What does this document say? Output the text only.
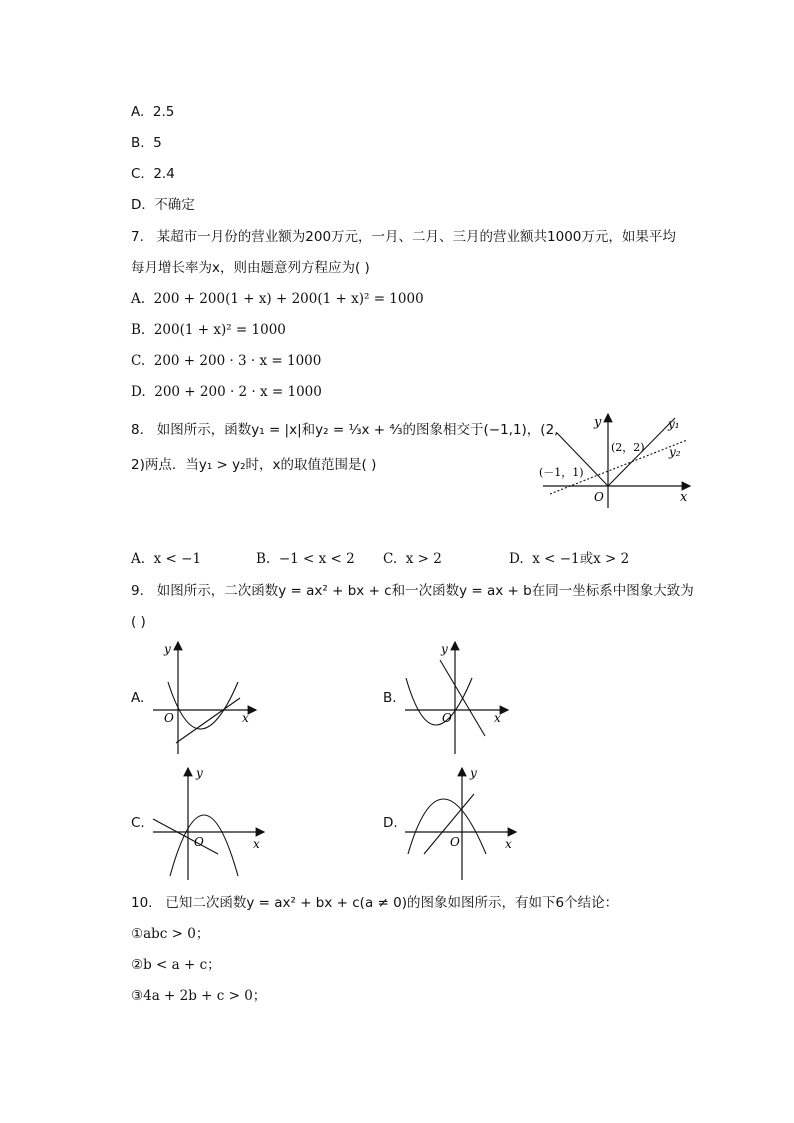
A. 2.5
B. 5
C. 2.4
D. 不确定
7. 某超市一月份的营业额为200万元，一月、二月、三月的营业额共1000万元，如果平均
每月增长率为x，则由题意列方程应为( )
A. 200 + 200(1 + x) + 200(1 + x)² = 1000
B. 200(1 + x)² = 1000
C. 200 + 200 · 3 · x = 1000
D. 200 + 200 · 2 · x = 1000
8. 如图所示，函数y₁ = |x|和y₂ = ⅓x + ⁴⁄₃的图象相交于(−1,1)，(2,
2)两点．当y₁ > y₂时，x的取值范围是( )
y
x
O
y₁
y₂
(2，2)
(－1，1)
A. x < −1	B. −1 < x < 2 C. x > 2	D. x < −1或x > 2
9. 如图所示，二次函数y = ax² + bx + c和一次函数y = ax + b在同一坐标系中图象大致为
( )
A.	B.
C.	D.
y
x
O
y
x
O
y
x
O
y
x
O
10. 已知二次函数y = ax² + bx + c(a ≠ 0)的图象如图所示，有如下6个结论：
①abc > 0；
②b < a + c；
③4a + 2b + c > 0；
